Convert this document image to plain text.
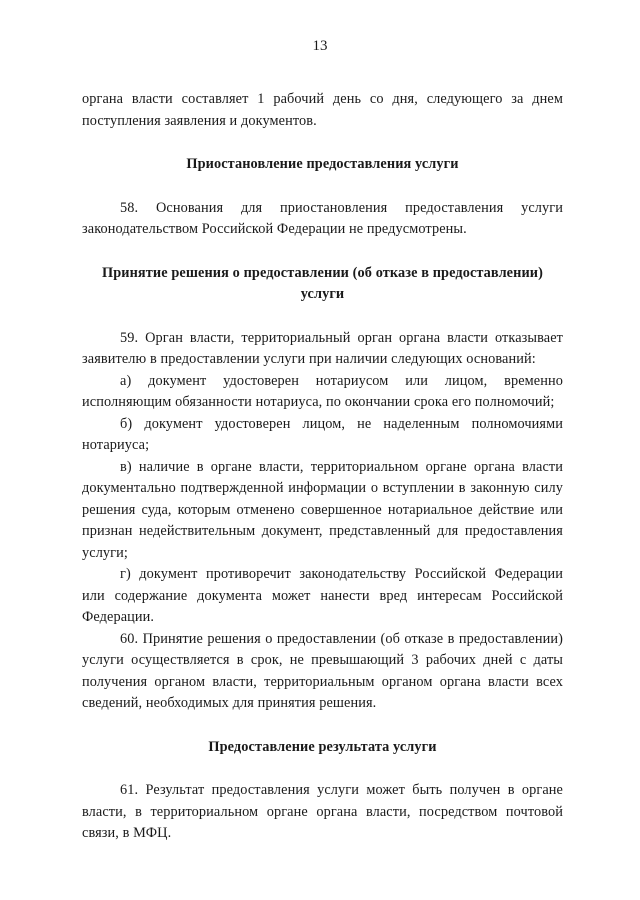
13

органа власти составляет 1 рабочий день со дня, следующего за днем поступления заявления и документов.

Приостановление предоставления услуги

58. Основания для приостановления предоставления услуги законодательством Российской Федерации не предусмотрены.

Принятие решения о предоставлении (об отказе в предоставлении) услуги

59. Орган власти, территориальный орган органа власти отказывает заявителю в предоставлении услуги при наличии следующих оснований:

а) документ удостоверен нотариусом или лицом, временно исполняющим обязанности нотариуса, по окончании срока его полномочий;

б) документ удостоверен лицом, не наделенным полномочиями нотариуса;

в) наличие в органе власти, территориальном органе органа власти документально подтвержденной информации о вступлении в законную силу решения суда, которым отменено совершенное нотариальное действие или признан недействительным документ, представленный для предоставления услуги;

г) документ противоречит законодательству Российской Федерации или содержание документа может нанести вред интересам Российской Федерации.

60. Принятие решения о предоставлении (об отказе в предоставлении) услуги осуществляется в срок, не превышающий 3 рабочих дней с даты получения органом власти, территориальным органом органа власти всех сведений, необходимых для принятия решения.

Предоставление результата услуги

61. Результат предоставления услуги может быть получен в органе власти, в территориальном органе органа власти, посредством почтовой связи, в МФЦ.
